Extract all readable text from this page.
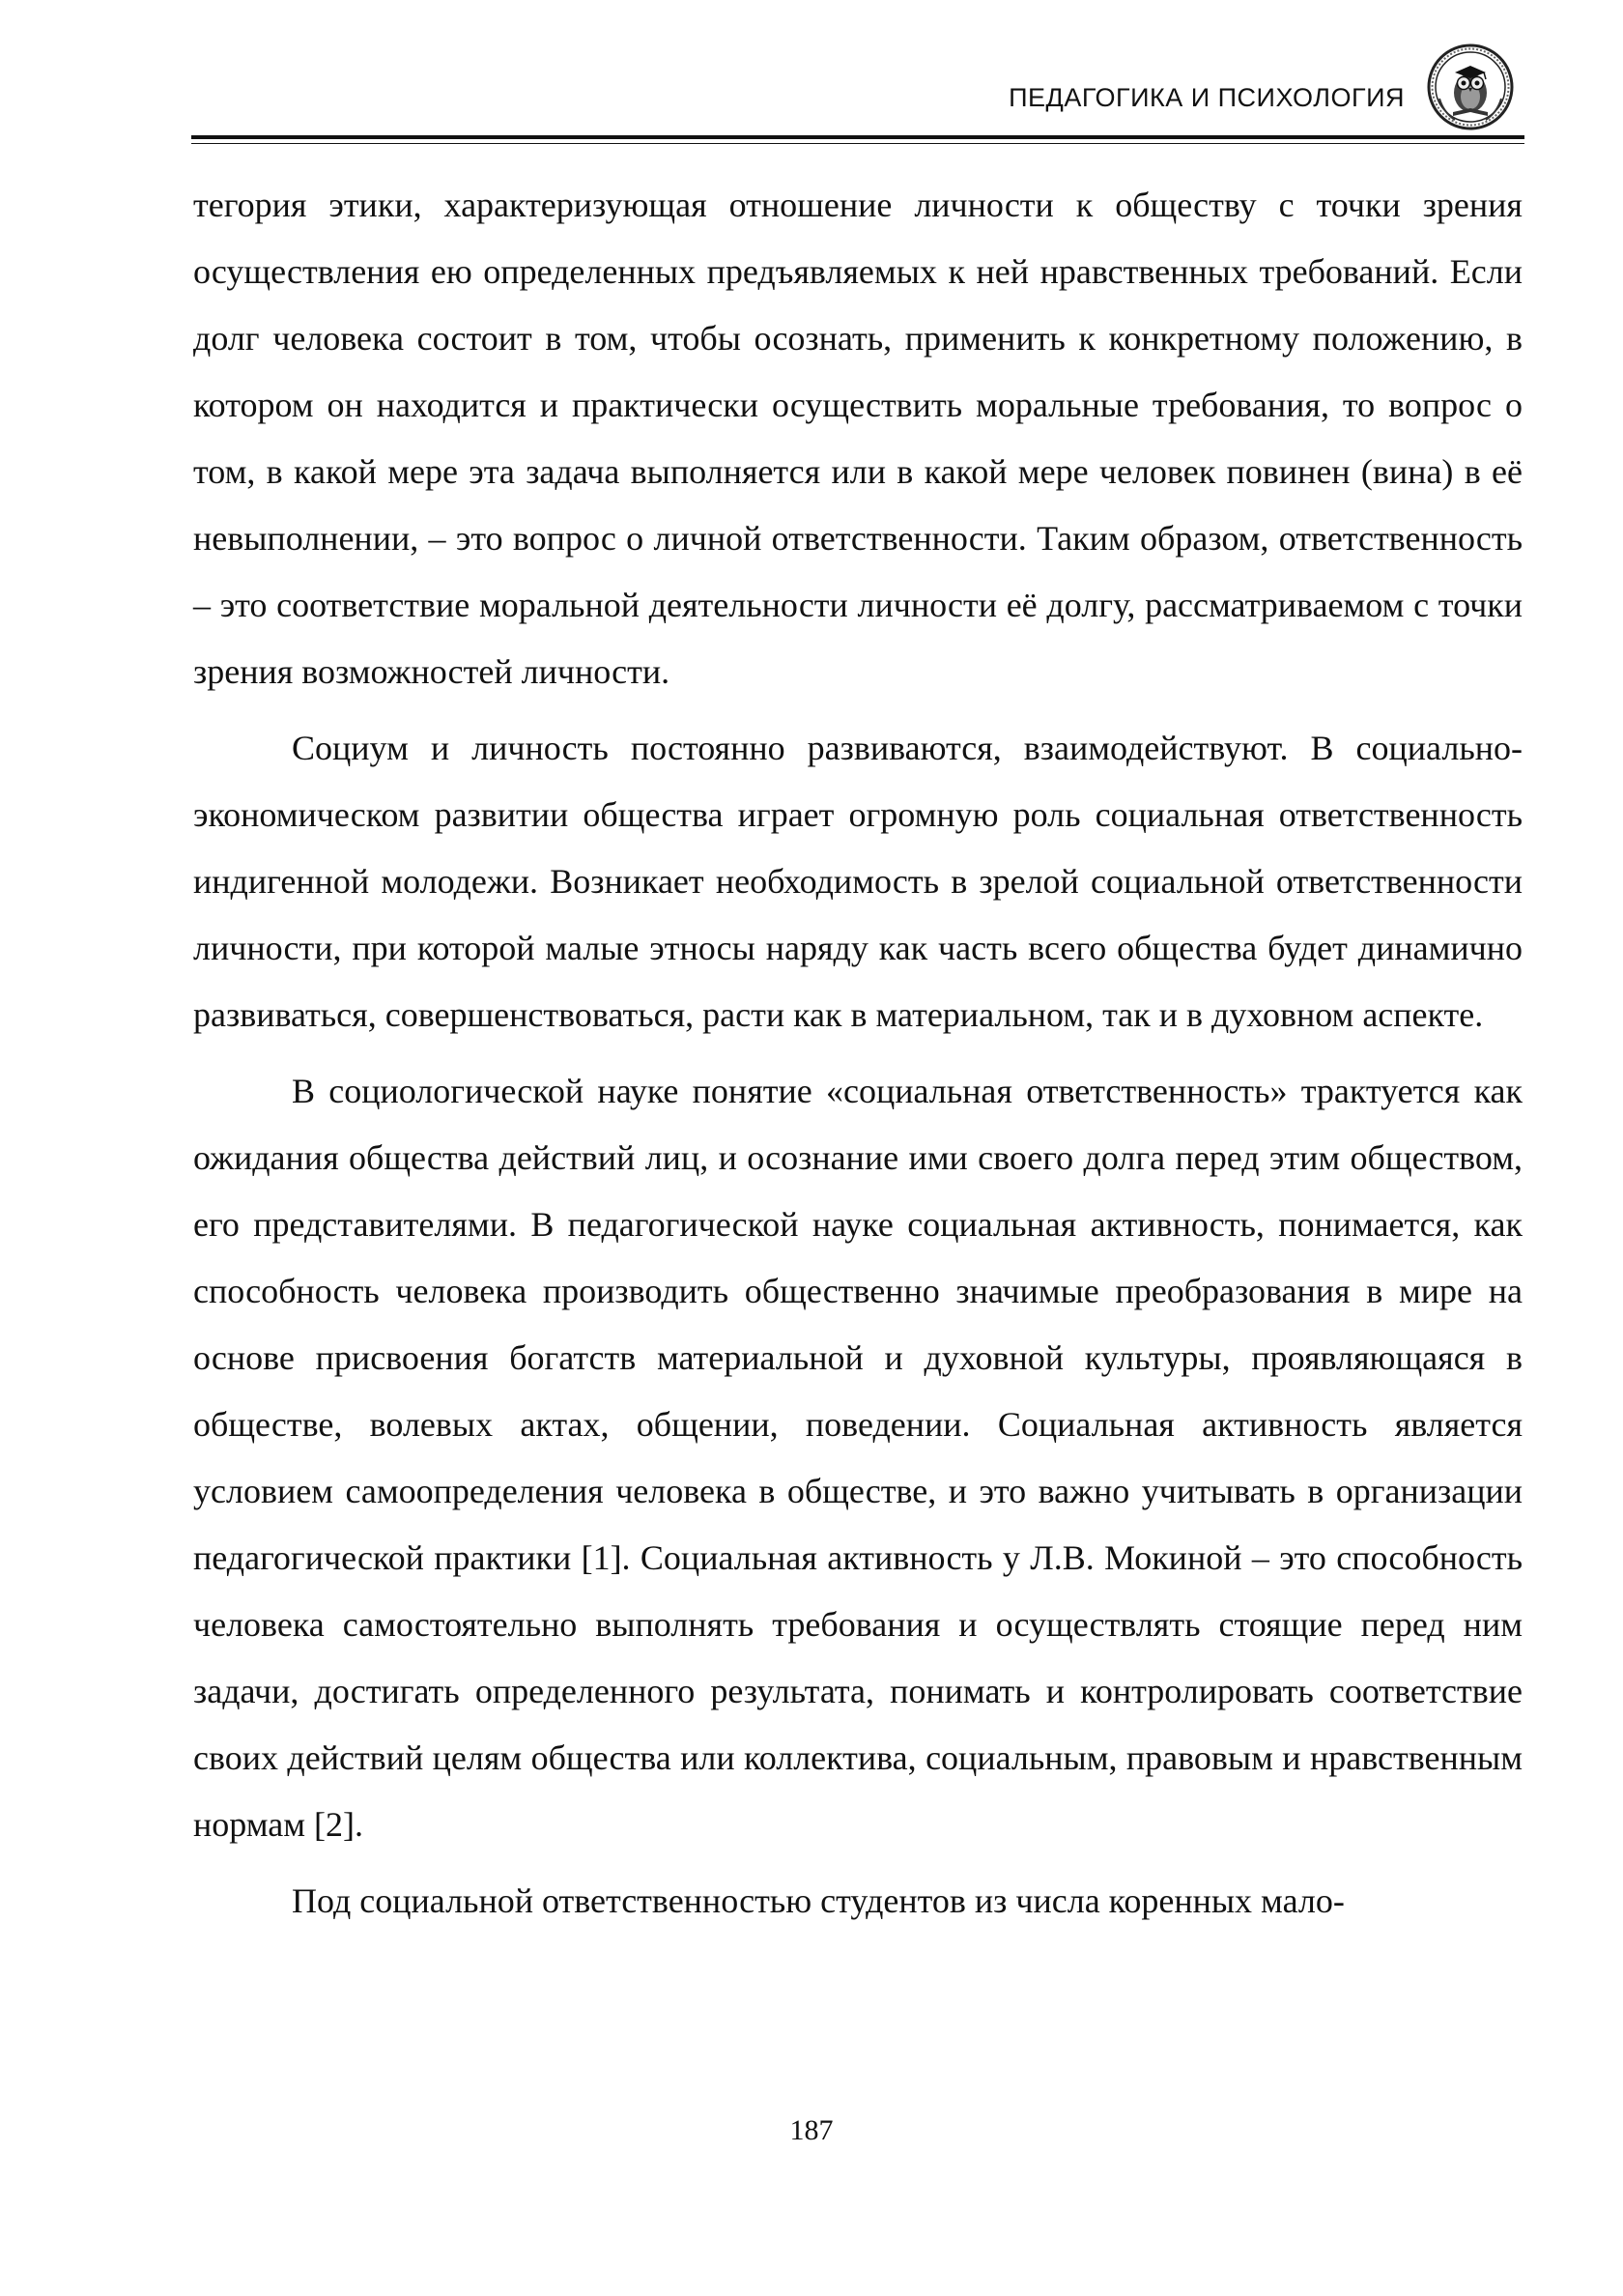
ПЕДАГОГИКА И ПСИХОЛОГИЯ

тегория этики, характеризующая отношение личности к обществу с точки зрения осуществления ею определенных предъявляемых к ней нравственных требований. Если долг человека состоит в том, чтобы осознать, применить к конкретному положению, в котором он находится и практически осуществить моральные требования, то вопрос о том, в какой мере эта задача выполняется или в какой мере человек повинен (вина) в её невыполнении, – это вопрос о личной ответственности. Таким образом, ответственность – это соответствие моральной деятельности личности её долгу, рассматриваемом с точки зрения возможностей личности.

Социум и личность постоянно развиваются, взаимодействуют. В социально-экономическом развитии общества играет огромную роль социальная ответственность индигенной молодежи. Возникает необходимость в зрелой социальной ответственности личности, при которой малые этносы наряду как часть всего общества будет динамично развиваться, совершенствоваться, расти как в материальном, так и в духовном аспекте.

В социологической науке понятие «социальная ответственность» трактуется как ожидания общества действий лиц, и осознание ими своего долга перед этим обществом, его представителями. В педагогической науке социальная активность, понимается, как способность человека производить общественно значимые преобразования в мире на основе присвоения богатств материальной и духовной культуры, проявляющаяся в обществе, волевых актах, общении, поведении. Социальная активность является условием самоопределения человека в обществе, и это важно учитывать в организации педагогической практики [1]. Социальная активность у Л.В. Мокиной – это способность человека самостоятельно выполнять требования и осуществлять стоящие перед ним задачи, достигать определенного результата, понимать и контролировать соответствие своих действий целям общества или коллектива, социальным, правовым и нравственным нормам [2].

Под социальной ответственностью студентов из числа коренных мало-

187
